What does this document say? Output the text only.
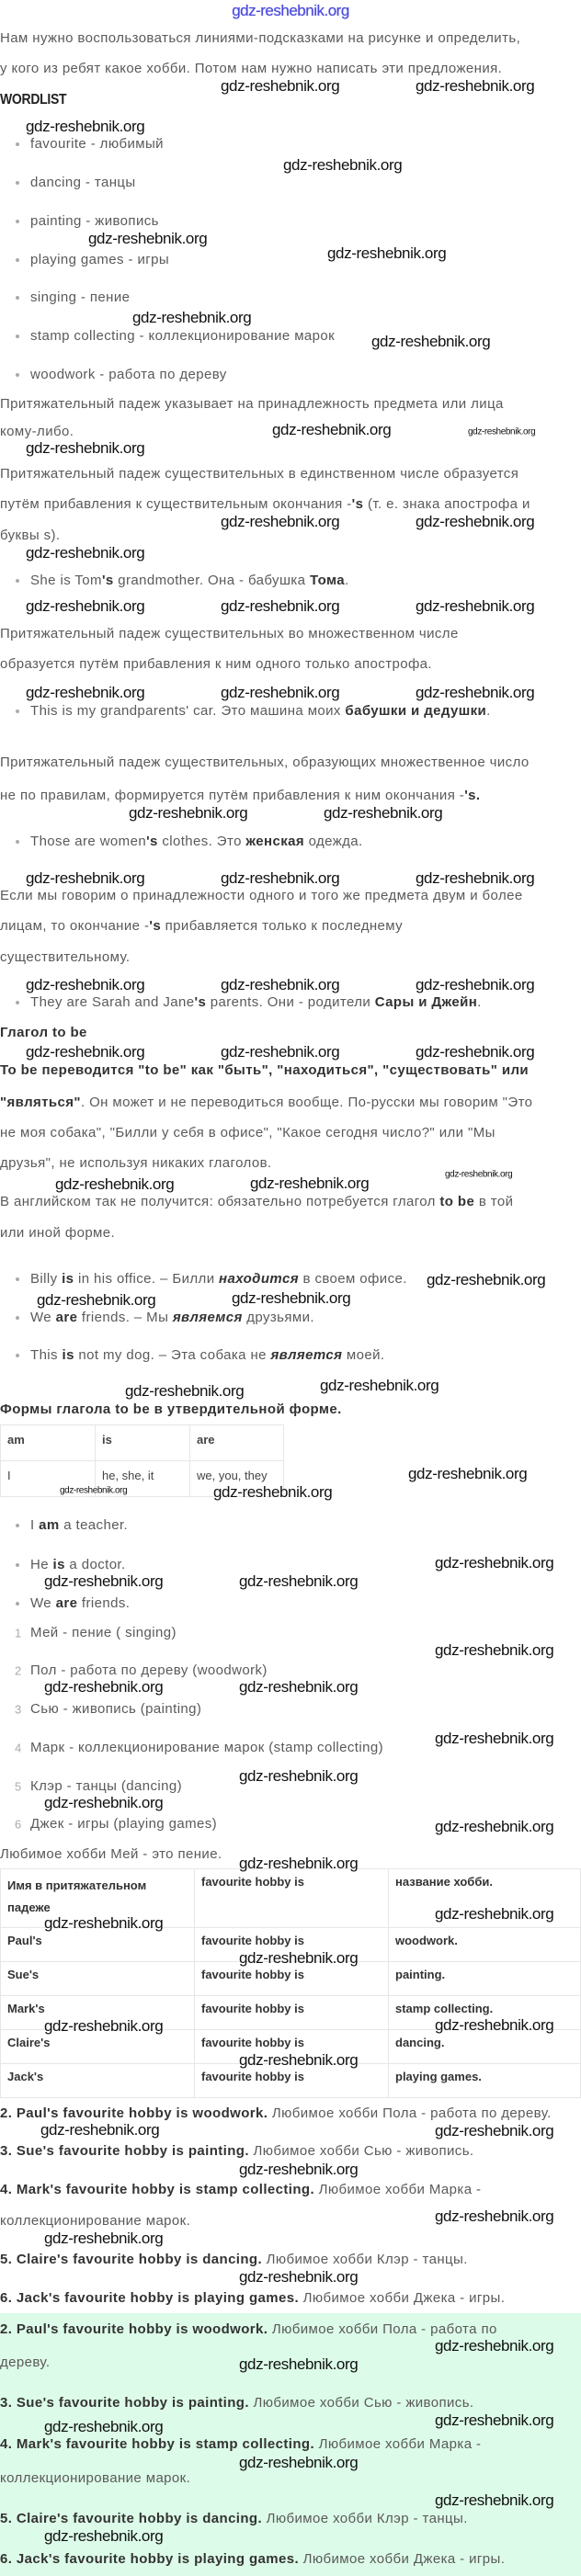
gdz-reshebnik.org
Нам нужно воспользоваться линиями-подсказками на рисунке и определить,
у кого из ребят какое хобби. Потом нам нужно написать эти предложения.
WORDLIST
favourite - любимый
dancing - танцы
painting - живопись
playing games - игры
singing - пение
stamp collecting - коллекционирование марок
woodwork - работа по дереву
Притяжательный падеж указывает на принадлежность предмета или лица
кому-либо.
Притяжательный падеж существительных в единственном числе образуется
путём прибавления к существительным окончания -'s (т. е. знака апострофа и
буквы s).
She is Tom's grandmother. Она - бабушка Тома.
Притяжательный падеж существительных во множественном числе
образуется путём прибавления к ним одного только апострофа.
This is my grandparents' car. Это машина моих бабушки и дедушки.
Притяжательный падеж существительных, образующих множественное число
не по правилам, формируется путём прибавления к ним окончания -'s.
Those are women's clothes. Это женская одежда.
Если мы говорим о принадлежности одного и того же предмета двум и более
лицам, то окончание -'s прибавляется только к последнему
существительному.
They are Sarah and Jane's parents. Они - родители Сары и Джейн.
Глагол to be
To be переводится "to be" как "быть", "находиться", "существовать" или
"являться". Он может и не переводиться вообще. По-русски мы говорим "Это
не моя собака", "Билли у себя в офисе", "Какое сегодня число?" или "Мы
друзья", не используя никаких глаголов.
В английском так не получится: обязательно потребуется глагол to be в той
или иной форме.
Billy is in his office. – Билли находится в своем офисе.
We are friends. – Мы являемся друзьями.
This is not my dog. – Эта собака не является моей.
Формы глагола to be в утвердительной форме.
am	is	are
I	he, she, it	we, you, they
I am a teacher.
He is a doctor.
We are friends.
1 Мей - пение ( singing)
2 Пол - работа по дереву (woodwork)
3 Сью - живопись (painting)
4 Марк - коллекционирование марок (stamp collecting)
5 Клэр - танцы (dancing)
6 Джек - игры (playing games)
Любимое хобби Мей - это пение.
Имя в притяжательном падеже	favourite hobby is	название хобби.
Paul's	favourite hobby is	woodwork.
Sue's	favourite hobby is	painting.
Mark's	favourite hobby is	stamp collecting.
Claire's	favourite hobby is	dancing.
Jack's	favourite hobby is	playing games.
2. Paul's favourite hobby is woodwork. Любимое хобби Пола - работа по дереву.
3. Sue's favourite hobby is painting. Любимое хобби Сью - живопись.
4. Mark's favourite hobby is stamp collecting. Любимое хобби Марка -
коллекционирование марок.
5. Claire's favourite hobby is dancing. Любимое хобби Клэр - танцы.
6. Jack's favourite hobby is playing games. Любимое хобби Джека - игры.
2. Paul's favourite hobby is woodwork. Любимое хобби Пола - работа по
дереву.
3. Sue's favourite hobby is painting. Любимое хобби Сью - живопись.
4. Mark's favourite hobby is stamp collecting. Любимое хобби Марка -
коллекционирование марок.
5. Claire's favourite hobby is dancing. Любимое хобби Клэр - танцы.
6. Jack's favourite hobby is playing games. Любимое хобби Джека - игры.
gdz-reshebnik.org	gdz-reshebnik.org
gdz-reshebnik.org
gdz-reshebnik.org
gdz-reshebnik.org
gdz-reshebnik.org
gdz-reshebnik.org
gdz-reshebnik.org
gdz-reshebnik.org
gdz-reshebnik.org	gdz-reshebnik.org
gdz-reshebnik.org
gdz-reshebnik.org	gdz-reshebnik.org
gdz-reshebnik.org	gdz-reshebnik.org	gdz-reshebnik.org
gdz-reshebnik.org	gdz-reshebnik.org	gdz-reshebnik.org
gdz-reshebnik.org	gdz-reshebnik.org
gdz-reshebnik.org	gdz-reshebnik.org	gdz-reshebnik.org
gdz-reshebnik.org	gdz-reshebnik.org	gdz-reshebnik.org
gdz-reshebnik.org	gdz-reshebnik.org	gdz-reshebnik.org
gdz-reshebnik.org
gdz-reshebnik.org	gdz-reshebnik.org
gdz-reshebnik.org
gdz-reshebnik.org	gdz-reshebnik.org
gdz-reshebnik.org	gdz-reshebnik.org
gdz-reshebnik.org
gdz-reshebnik.org	gdz-reshebnik.org
gdz-reshebnik.org
gdz-reshebnik.org	gdz-reshebnik.org
gdz-reshebnik.org
gdz-reshebnik.org	gdz-reshebnik.org
gdz-reshebnik.org
gdz-reshebnik.org
gdz-reshebnik.org
gdz-reshebnik.org
gdz-reshebnik.org
gdz-reshebnik.org
gdz-reshebnik.org
gdz-reshebnik.org
gdz-reshebnik.org	gdz-reshebnik.org
gdz-reshebnik.org
gdz-reshebnik.org	gdz-reshebnik.org
gdz-reshebnik.org
gdz-reshebnik.org
gdz-reshebnik.org
gdz-reshebnik.org
gdz-reshebnik.org
gdz-reshebnik.org
gdz-reshebnik.org
gdz-reshebnik.org
gdz-reshebnik.org
gdz-reshebnik.org
gdz-reshebnik.org
